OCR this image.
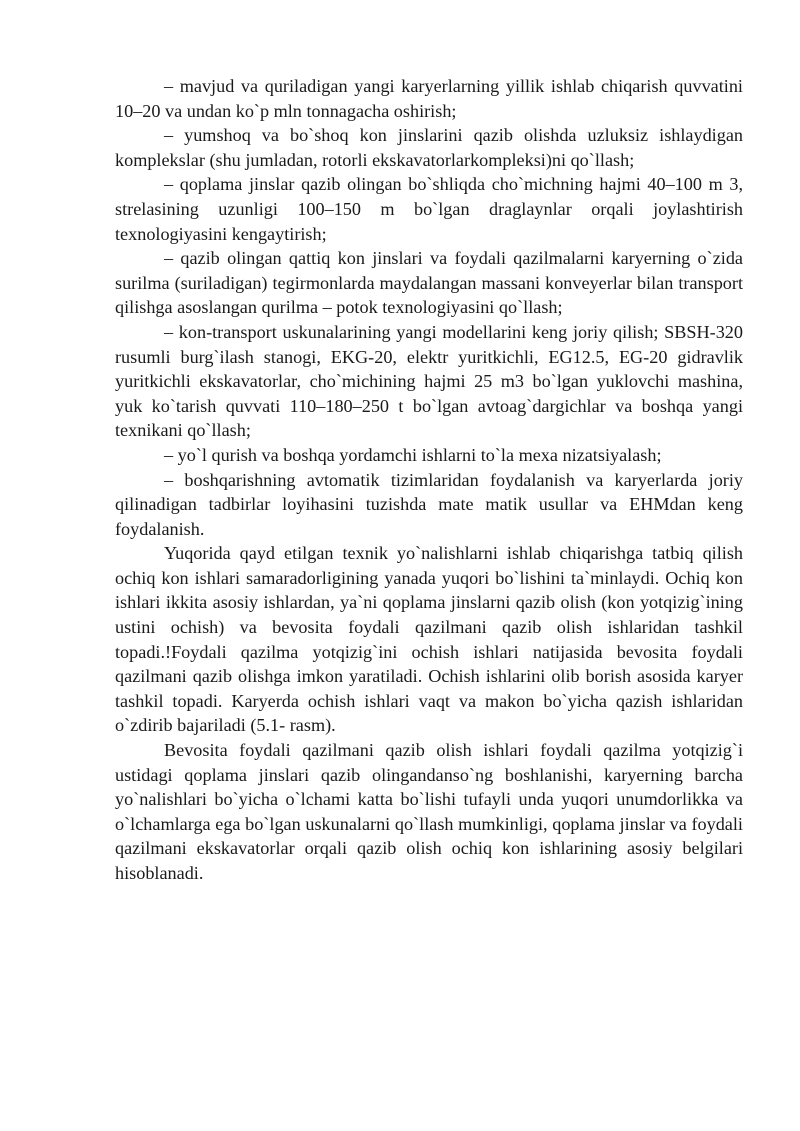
– mavjud va quriladigan yangi karyerlarning yillik ishlab chiqarish quvvatini 10–20 va undan ko`p mln tonnagacha oshirish;

– yumshoq va bo`shoq kon jinslarini qazib olishda uzluksiz ishlaydigan komplekslar (shu jumladan, rotorli ekskavatorlarkompleksi)ni qo`llash;

– qoplama jinslar qazib olingan bo`shliqda cho`michning hajmi 40–100 m 3, strelasining uzunligi 100–150 m bo`lgan draglaynlar orqali joylashtirish texnologiyasini kengaytirish;

– qazib olingan qattiq kon jinslari va foydali qazilmalarni karyerning o`zida surilma (suriladigan) tegirmonlarda maydalangan massani konveyerlar bilan transport qilishga asoslangan qurilma – potok texnologiyasini qo`llash;

– kon-transport uskunalarining yangi modellarini keng joriy qilish; SBSH-320 rusumli burg`ilash stanogi, EKG-20, elektr yuritkichli, EG12.5, EG-20 gidravlik yuritkichli ekskavatorlar, cho`michining hajmi 25 m3 bo`lgan yuklovchi mashina, yuk ko`tarish quvvati 110–180–250 t bo`lgan avtoag`dargichlar va boshqa yangi texnikani qo`llash;

– yo`l qurish va boshqa yordamchi ishlarni to`la mexa nizatsiyalash;

– boshqarishning avtomatik tizimlaridan foydalanish va karyerlarda joriy qilinadigan tadbirlar loyihasini tuzishda mate matik usullar va EHMdan keng foydalanish.

Yuqorida qayd etilgan texnik yo`nalishlarni ishlab chiqarishga tatbiq qilish ochiq kon ishlari samaradorligining yanada yuqori bo`lishini ta`minlaydi. Ochiq kon ishlari ikkita asosiy ishlardan, ya`ni qoplama jinslarni qazib olish (kon yotqizig`ining ustini ochish) va bevosita foydali qazilmani qazib olish ishlaridan tashkil topadi.!Foydali qazilma yotqizig`ini ochish ishlari natijasida bevosita foydali qazilmani qazib olishga imkon yaratiladi. Ochish ishlarini olib borish asosida karyer tashkil topadi. Karyerda ochish ishlari vaqt va makon bo`yicha qazish ishlaridan o`zdirib bajariladi (5.1- rasm).

Bevosita foydali qazilmani qazib olish ishlari foydali qazilma yotqizig`i ustidagi qoplama jinslari qazib olingandanso`ng boshlanishi, karyerning barcha yo`nalishlari bo`yicha o`lchami katta bo`lishi tufayli unda yuqori unumdorlikka va o`lchamlarga ega bo`lgan uskunalarni qo`llash mumkinligi, qoplama jinslar va foydali qazilmani ekskavatorlar orqali qazib olish ochiq kon ishlarining asosiy belgilari hisoblanadi.
